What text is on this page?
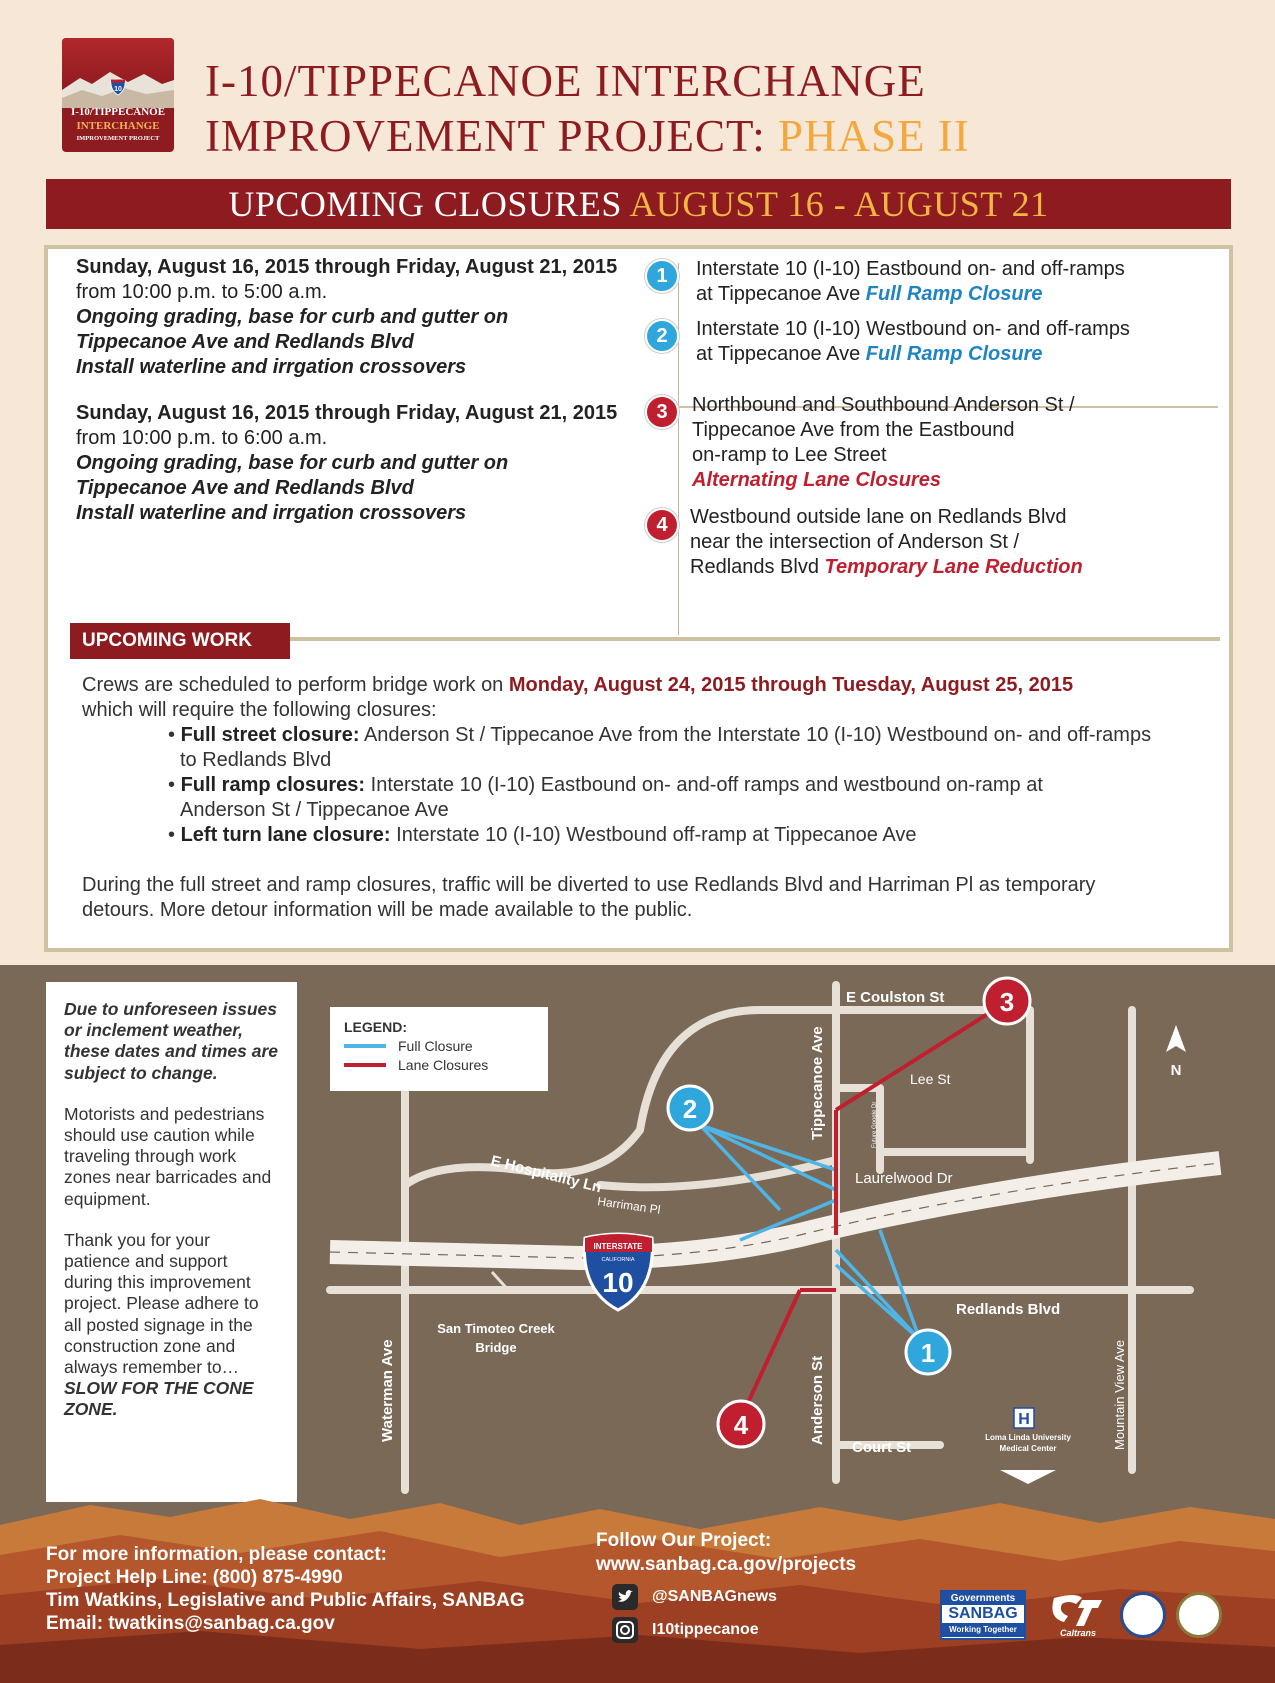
10
I-10/TIPPECANOE
INTERCHANGE
IMPROVEMENT PROJECT
I-10/TIPPECANOE INTERCHANGE
IMPROVEMENT PROJECT: PHASE II
UPCOMING CLOSURES AUGUST 16 - AUGUST 21
Sunday, August 16, 2015 through Friday, August 21, 2015
from 10:00 p.m. to 5:00 a.m.
Ongoing grading, base for curb and gutter on
Tippecanoe Ave and Redlands Blvd
Install waterline and irrgation crossovers
Sunday, August 16, 2015 through Friday, August 21, 2015
from 10:00 p.m. to 6:00 a.m.
Ongoing grading, base for curb and gutter on
Tippecanoe Ave and Redlands Blvd
Install waterline and irrgation crossovers
1	Interstate 10 (I-10) Eastbound on- and off-ramps
at Tippecanoe Ave Full Ramp Closure
2	Interstate 10 (I-10) Westbound on- and off-ramps
at Tippecanoe Ave Full Ramp Closure
3	Northbound and Southbound Anderson St /
Tippecanoe Ave from the Eastbound
on-ramp to Lee Street
Alternating Lane Closures
4	Westbound outside lane on Redlands Blvd
near the intersection of Anderson St /
Redlands Blvd Temporary Lane Reduction
UPCOMING WORK
Crews are scheduled to perform bridge work on Monday, August 24, 2015 through Tuesday, August 25, 2015
which will require the following closures:
• Full street closure: Anderson St / Tippecanoe Ave from the Interstate 10 (I-10) Westbound on- and off-ramps
to Redlands Blvd
• Full ramp closures: Interstate 10 (I-10) Eastbound on- and-off ramps and westbound on-ramp at
Anderson St / Tippecanoe Ave
• Left turn lane closure: Interstate 10 (I-10) Westbound off-ramp at Tippecanoe Ave
During the full street and ramp closures, traffic will be diverted to use Redlands Blvd and Harriman Pl as temporary
detours. More detour information will be made available to the public.

Due to unforeseen issues or inclement weather, these dates and times are subject to change.

Motorists and pedestrians should use caution while traveling through work zones near barricades and equipment.

Thank you for your patience and support during this improvement project. Please adhere to all posted signage in the construction zone and always remember to… SLOW FOR THE CONE ZONE.

INTERSTATE
CALIFORNIA
10
E Coulston St
Lee St
Tippecanoe Ave	Future Google Dr
Laurelwood Dr
E Hospitality Ln
Harriman Pl
Redlands Blvd
San Timoteo Creek
Bridge
Waterman Ave	Anderson St
Court St	Mountain View Ave
Loma Linda University
Medical Center
H
N
1
2
3
4
LEGEND:
Full Closure
Lane Closures
For more information, please contact:
Project Help Line: (800) 875-4990
Tim Watkins, Legislative and Public Affairs, SANBAG
Email: twatkins@sanbag.ca.gov
Follow Our Project:
www.sanbag.ca.gov/projects
@SANBAGnews
I10tippecanoe
Governments
SANBAG
Working Together	Caltrans
